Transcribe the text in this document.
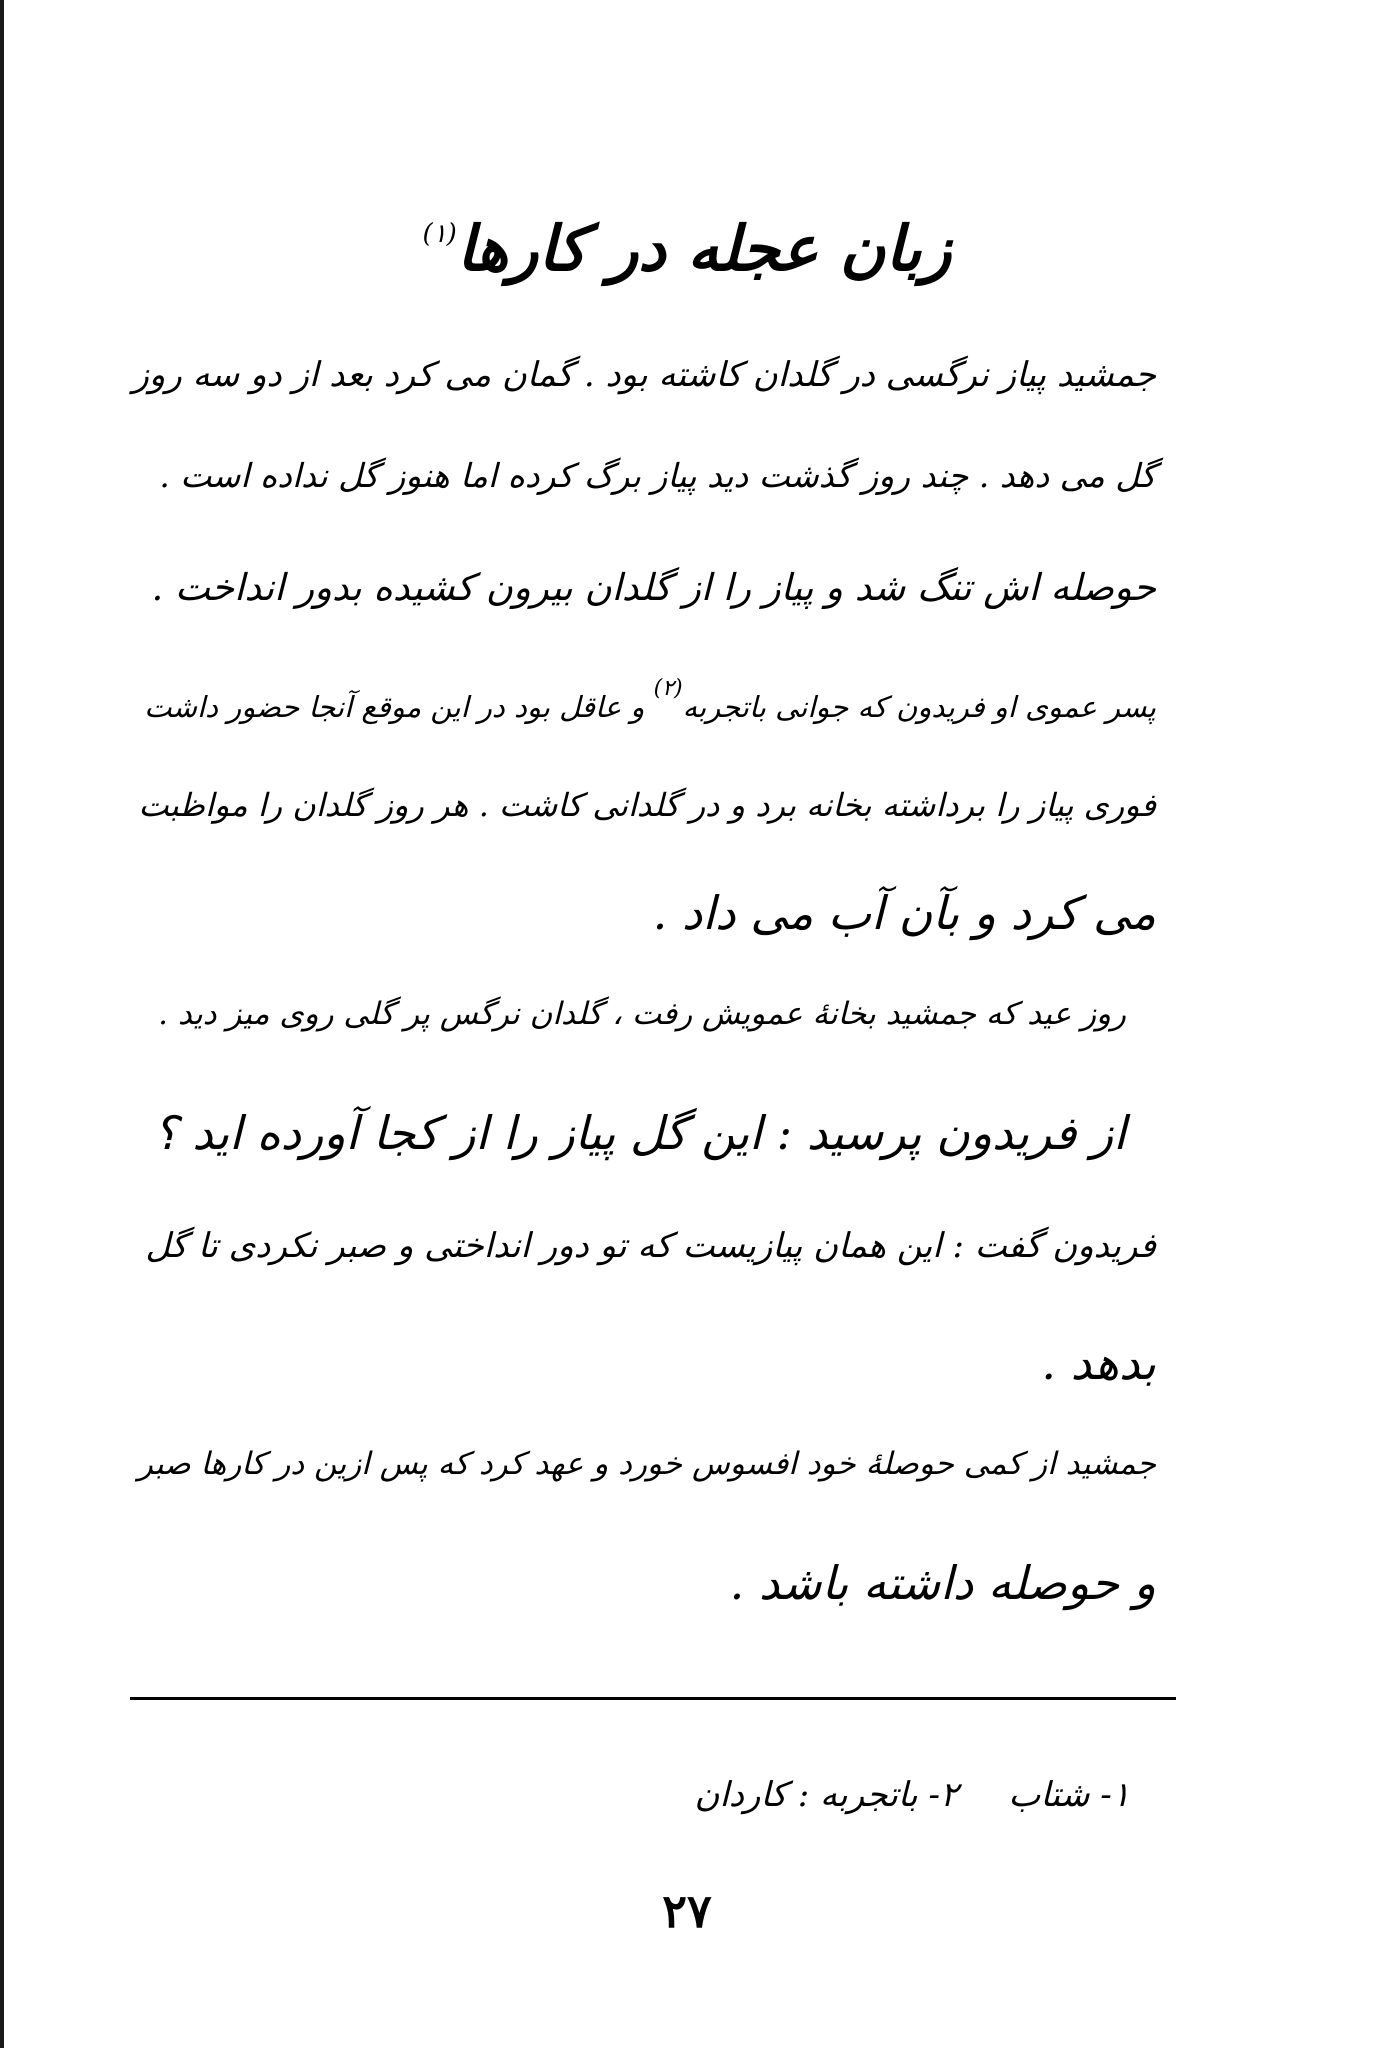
زبان عجله در کارها$^{(۱)}$
جمشید پیاز نرگسی در گلدان کاشته بود . گمان می کرد بعد از دو سه روز
گل می دهد . چند روز گذشت دید پیاز برگ کرده اما هنوز گل نداده است .
حوصله اش تنگ شد و پیاز را از گلدان بیرون کشیده بدور انداخت .
پسر عموی او فریدون که جوانی باتجربه$^{(۲)}$ و عاقل بود در این موقع آنجا حضور داشت
فوری پیاز را برداشته بخانه برد و در گلدانی کاشت . هر روز گلدان را مواظبت
می کرد و بآن آب می داد .
روز عید که جمشید بخانهٔ عمویش رفت ، گلدان نرگس پر گلی روی میز دید .
از فریدون پرسید : این گل پیاز را از کجا آورده اید ؟
فریدون گفت : این همان پیازیست که تو دور انداختی و صبر نکردی تا گل
بدهد .
جمشید از کمی حوصلهٔ خود افسوس خورد و عهد کرد که پس ازین در کارها صبر
و حوصله داشته باشد .
۱- شتاب۲- باتجربه : کاردان
۲۷
